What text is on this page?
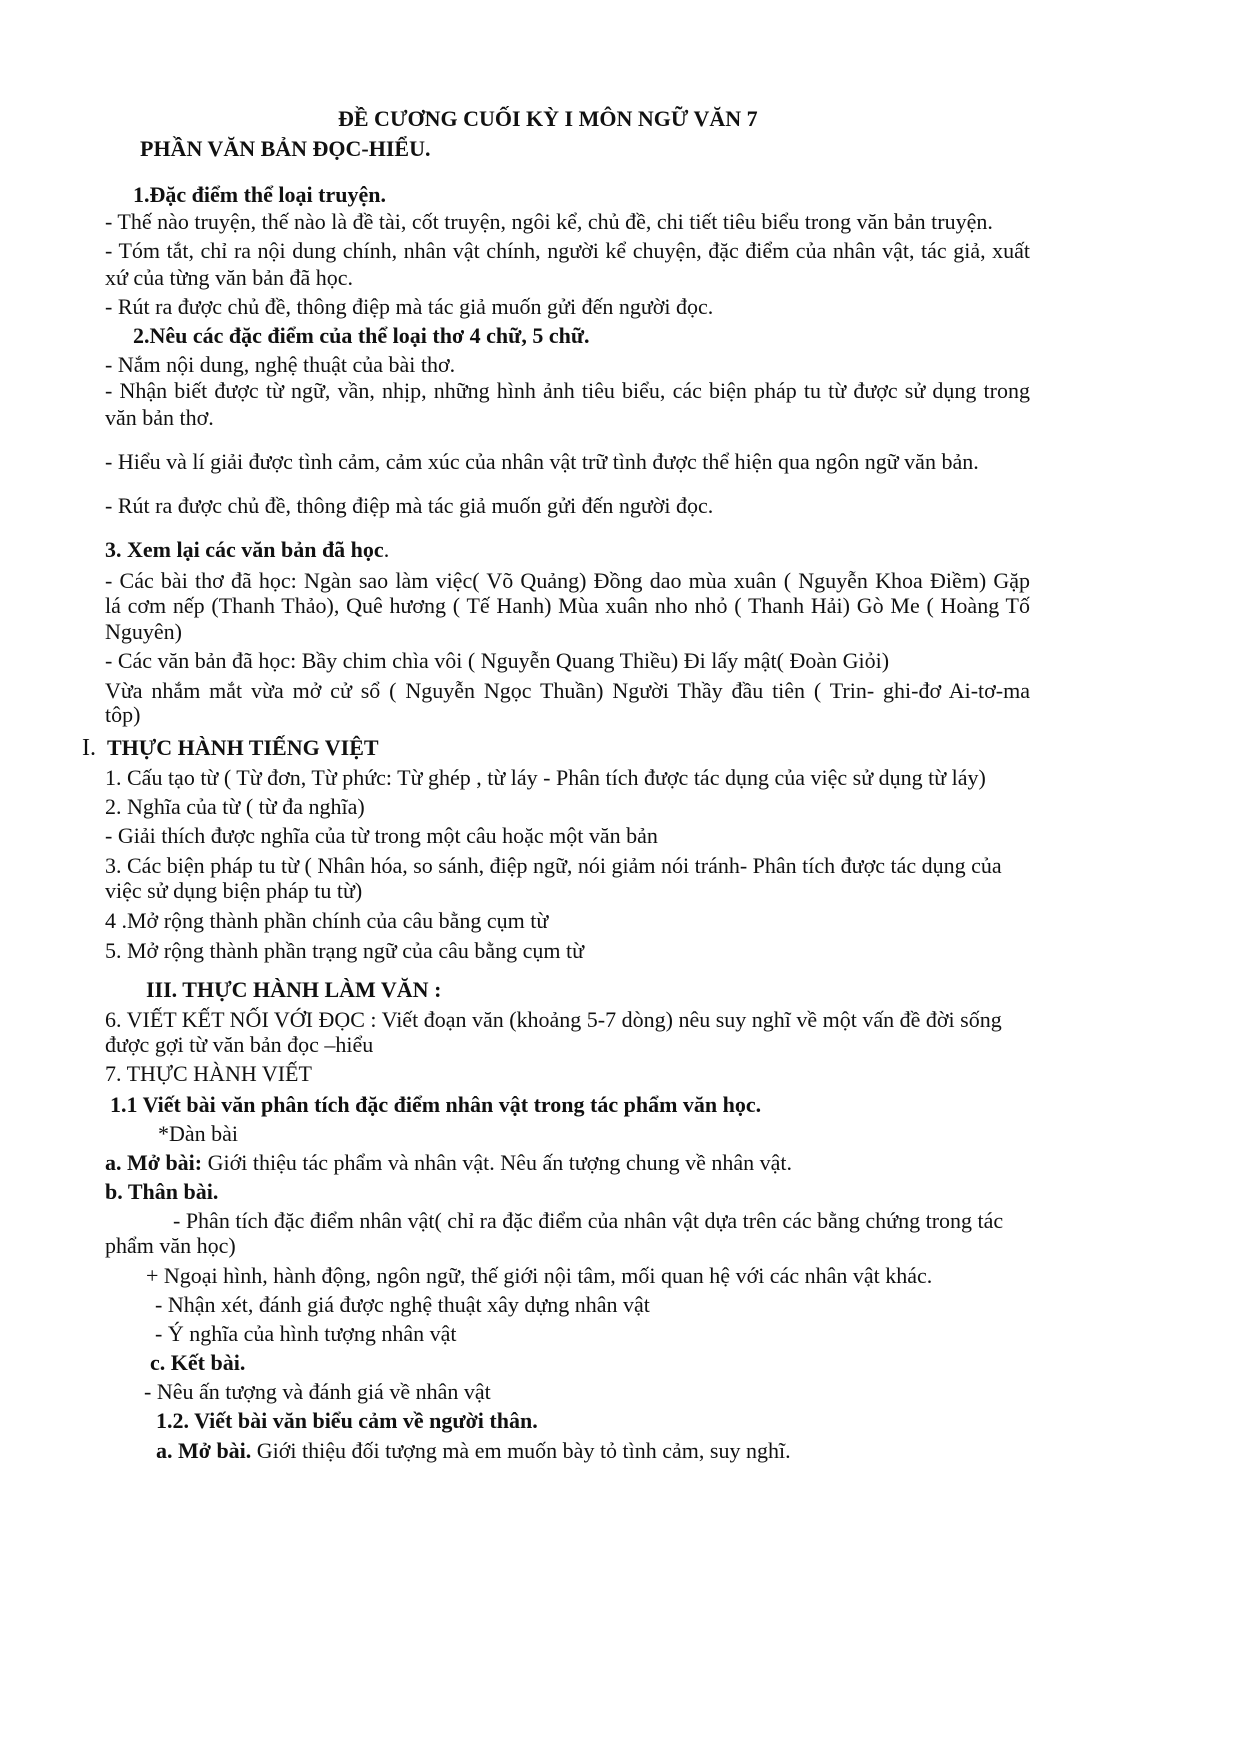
ĐỀ CƯƠNG CUỐI KỲ I MÔN NGỮ VĂN 7
PHẦN VĂN BẢN ĐỌC-HIỂU.
1.Đặc điểm thể loại truyện.
- Thế nào truyện, thế nào là đề tài, cốt truyện, ngôi kể, chủ đề, chi tiết tiêu biểu trong văn bản truyện.
- Tóm tắt, chỉ ra nội dung chính, nhân vật chính, người kể chuyện, đặc điểm của nhân vật, tác giả, xuất
xứ của từng văn bản đã học.
- Rút ra được chủ đề, thông điệp mà tác giả muốn gửi đến người đọc.
2.Nêu các đặc điểm của thể loại thơ 4 chữ, 5 chữ.
- Nắm nội dung, nghệ thuật của bài thơ.
- Nhận biết được từ ngữ, vần, nhịp, những hình ảnh tiêu biểu, các biện pháp tu từ được sử dụng trong
văn bản thơ.
- Hiểu và lí giải được tình cảm, cảm xúc của nhân vật trữ tình được thể hiện qua ngôn ngữ văn bản.
- Rút ra được chủ đề, thông điệp mà tác giả muốn gửi đến người đọc.
3. Xem lại các văn bản đã học.
- Các bài thơ đã học: Ngàn sao làm việc( Võ Quảng) Đồng dao mùa xuân ( Nguyễn Khoa Điềm) Gặp
lá cơm nếp (Thanh Thảo), Quê hương ( Tế Hanh) Mùa xuân nho nhỏ ( Thanh Hải) Gò Me ( Hoàng Tố
Nguyên)
- Các văn bản đã học: Bầy chim chìa vôi ( Nguyễn Quang Thiều) Đi lấy mật( Đoàn Giỏi)
Vừa nhắm mắt vừa mở cử sổ ( Nguyễn Ngọc Thuần) Người Thầy đầu tiên ( Trin- ghi-đơ Ai-tơ-ma
tôp)
I. THỰC HÀNH TIẾNG VIỆT
1. Cấu tạo từ ( Từ đơn, Từ phức: Từ ghép , từ láy - Phân tích được tác dụng của việc sử dụng từ láy)
2. Nghĩa của từ ( từ đa nghĩa)
- Giải thích được nghĩa của từ trong một câu hoặc một văn bản
3. Các biện pháp tu từ ( Nhân hóa, so sánh, điệp ngữ, nói giảm nói tránh- Phân tích được tác dụng của
việc sử dụng biện pháp tu từ)
4 .Mở rộng thành phần chính của câu bằng cụm từ
5. Mở rộng thành phần trạng ngữ của câu bằng cụm từ
III. THỰC HÀNH LÀM VĂN :
6. VIẾT KẾT NỐI VỚI ĐỌC : Viết đoạn văn (khoảng 5-7 dòng) nêu suy nghĩ về một vấn đề đời sống
được gợi từ văn bản đọc –hiểu
7. THỰC HÀNH VIẾT
1.1 Viết bài văn phân tích đặc điểm nhân vật trong tác phẩm văn học.
*Dàn bài
a. Mở bài: Giới thiệu tác phẩm và nhân vật. Nêu ấn tượng chung về nhân vật.
b. Thân bài.
- Phân tích đặc điểm nhân vật( chỉ ra đặc điểm của nhân vật dựa trên các bằng chứng trong tác
phẩm văn học)
+ Ngoại hình, hành động, ngôn ngữ, thế giới nội tâm, mối quan hệ với các nhân vật khác.
- Nhận xét, đánh giá được nghệ thuật xây dựng nhân vật
- Ý nghĩa của hình tượng nhân vật
c. Kết bài.
- Nêu ấn tượng và đánh giá về nhân vật
1.2. Viết bài văn biểu cảm về người thân.
a. Mở bài. Giới thiệu đối tượng mà em muốn bày tỏ tình cảm, suy nghĩ.
